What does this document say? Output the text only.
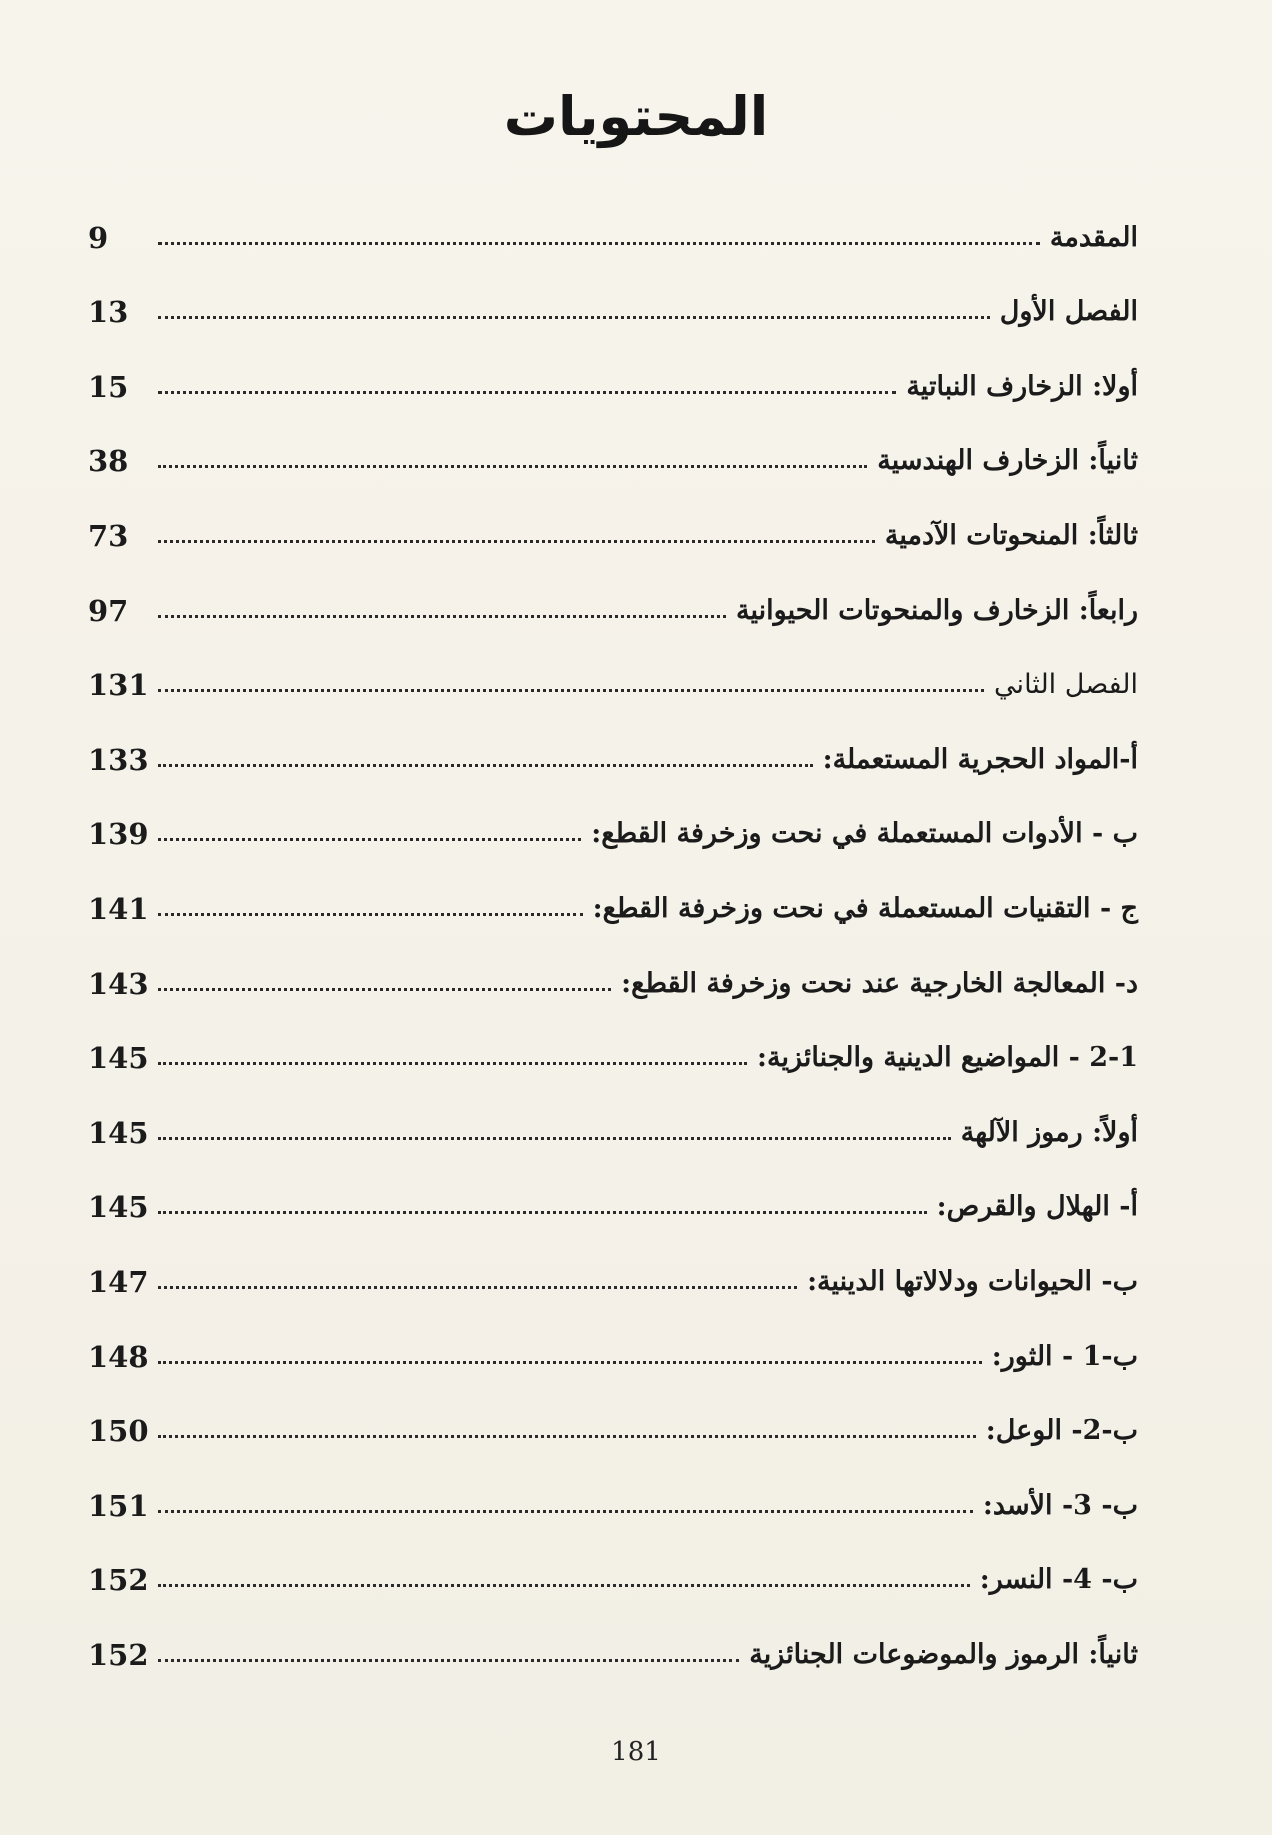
المحتويات
المقدمة
9
الفصل الأول
13
أولا: الزخارف النباتية
15
ثانياً: الزخارف الهندسية
38
ثالثاً: المنحوتات الآدمية
73
رابعاً: الزخارف والمنحوتات الحيوانية
97
الفصل الثاني
131
أ-المواد الحجرية المستعملة:
133
ب - الأدوات المستعملة في نحت وزخرفة القطع:
139
ج - التقنيات المستعملة في نحت وزخرفة القطع:
141
د- المعالجة الخارجية عند نحت وزخرفة القطع:
143
2-1 - المواضيع الدينية والجنائزية:
145
أولاً: رموز الآلهة
145
أ- الهلال والقرص:
145
ب- الحيوانات ودلالاتها الدينية:
147
ب-1 - الثور:
148
ب-2- الوعل:
150
ب- 3- الأسد:
151
ب- 4- النسر:
152
ثانياً: الرموز والموضوعات الجنائزية
152
181
